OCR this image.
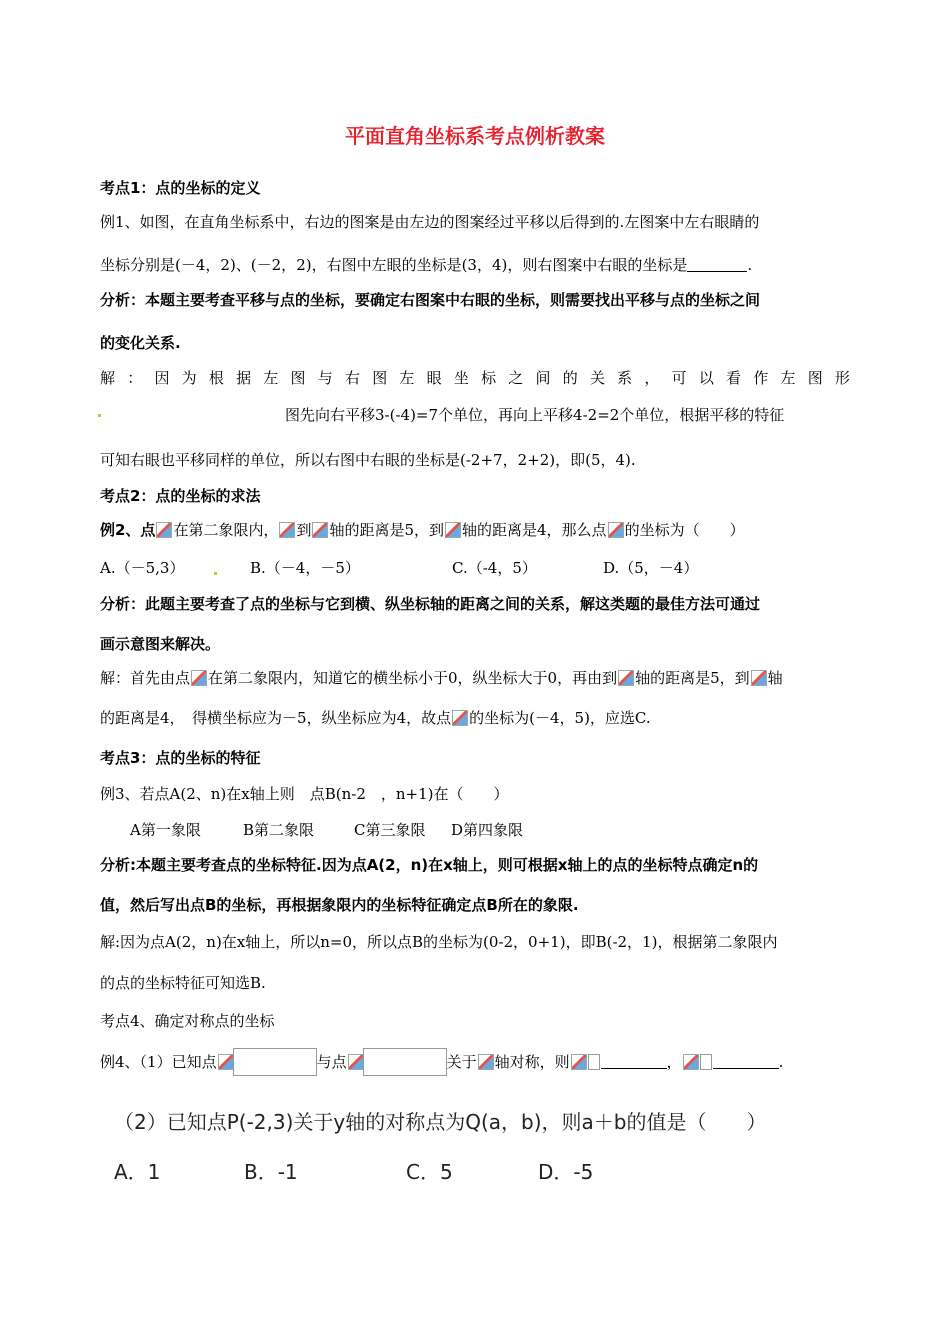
平面直角坐标系考点例析教案
考点1：点的坐标的定义
例1、如图，在直角坐标系中，右边的图案是由左边的图案经过平移以后得到的.左图案中左右眼睛的
坐标分别是(－4，2)、(－2，2)，右图中左眼的坐标是(3，4)，则右图案中右眼的坐标是	.
分析：本题主要考查平移与点的坐标，要确定右图案中右眼的坐标，则需要找出平移与点的坐标之间
的变化关系.
解 ： 因 为 根 据 左 图 与 右 图 左 眼 坐 标 之 间 的 关 系 ， 可 以 看 作 左 图 形
图先向右平移3-(-4)=7个单位，再向上平移4-2=2个单位，根据平移的特征
可知右眼也平移同样的单位，所以右图中右眼的坐标是(-2+7，2+2)，即(5，4).
考点2：点的坐标的求法
例2、点 在第二象限内， 到 轴的距离是5，到 轴的距离是4，那么点 的坐标为（　　）
A.（－5,3）	B.（－4，－5）	C.（-4，5）	D.（5，－4）
分析：此题主要考查了点的坐标与它到横、纵坐标轴的距离之间的关系，解这类题的最佳方法可通过
画示意图来解决。
解：首先由点 在第二象限内，知道它的横坐标小于0，纵坐标大于0，再由到 轴的距离是5，到 轴
的距离是4，　得横坐标应为－5，纵坐标应为4，故点 的坐标为(－4，5)，应选C.
考点3：点的坐标的特征
例3、若点A(2、n)在x轴上则　点B(n-2　，n+1)在（　　）
A第一象限	B第二象限	C第三象限 D第四象限
分析:本题主要考查点的坐标特征.因为点A(2，n)在x轴上，则可根据x轴上的点的坐标特点确定n的
值，然后写出点B的坐标，再根据象限内的坐标特征确定点B所在的象限.
解:因为点A(2，n)在x轴上，所以n=0，所以点B的坐标为(0-2，0+1)，即B(-2，1)，根据第二象限内
的点的坐标特征可知选B.
考点4、确定对称点的坐标
例4、（1）已知点	与点	关于 轴对称，则	，	.
（2）已知点P(-2,3)关于y轴的对称点为Q(a，b)，则a＋b的值是（　　）
A．1	B．-1	C．5	D．-5
